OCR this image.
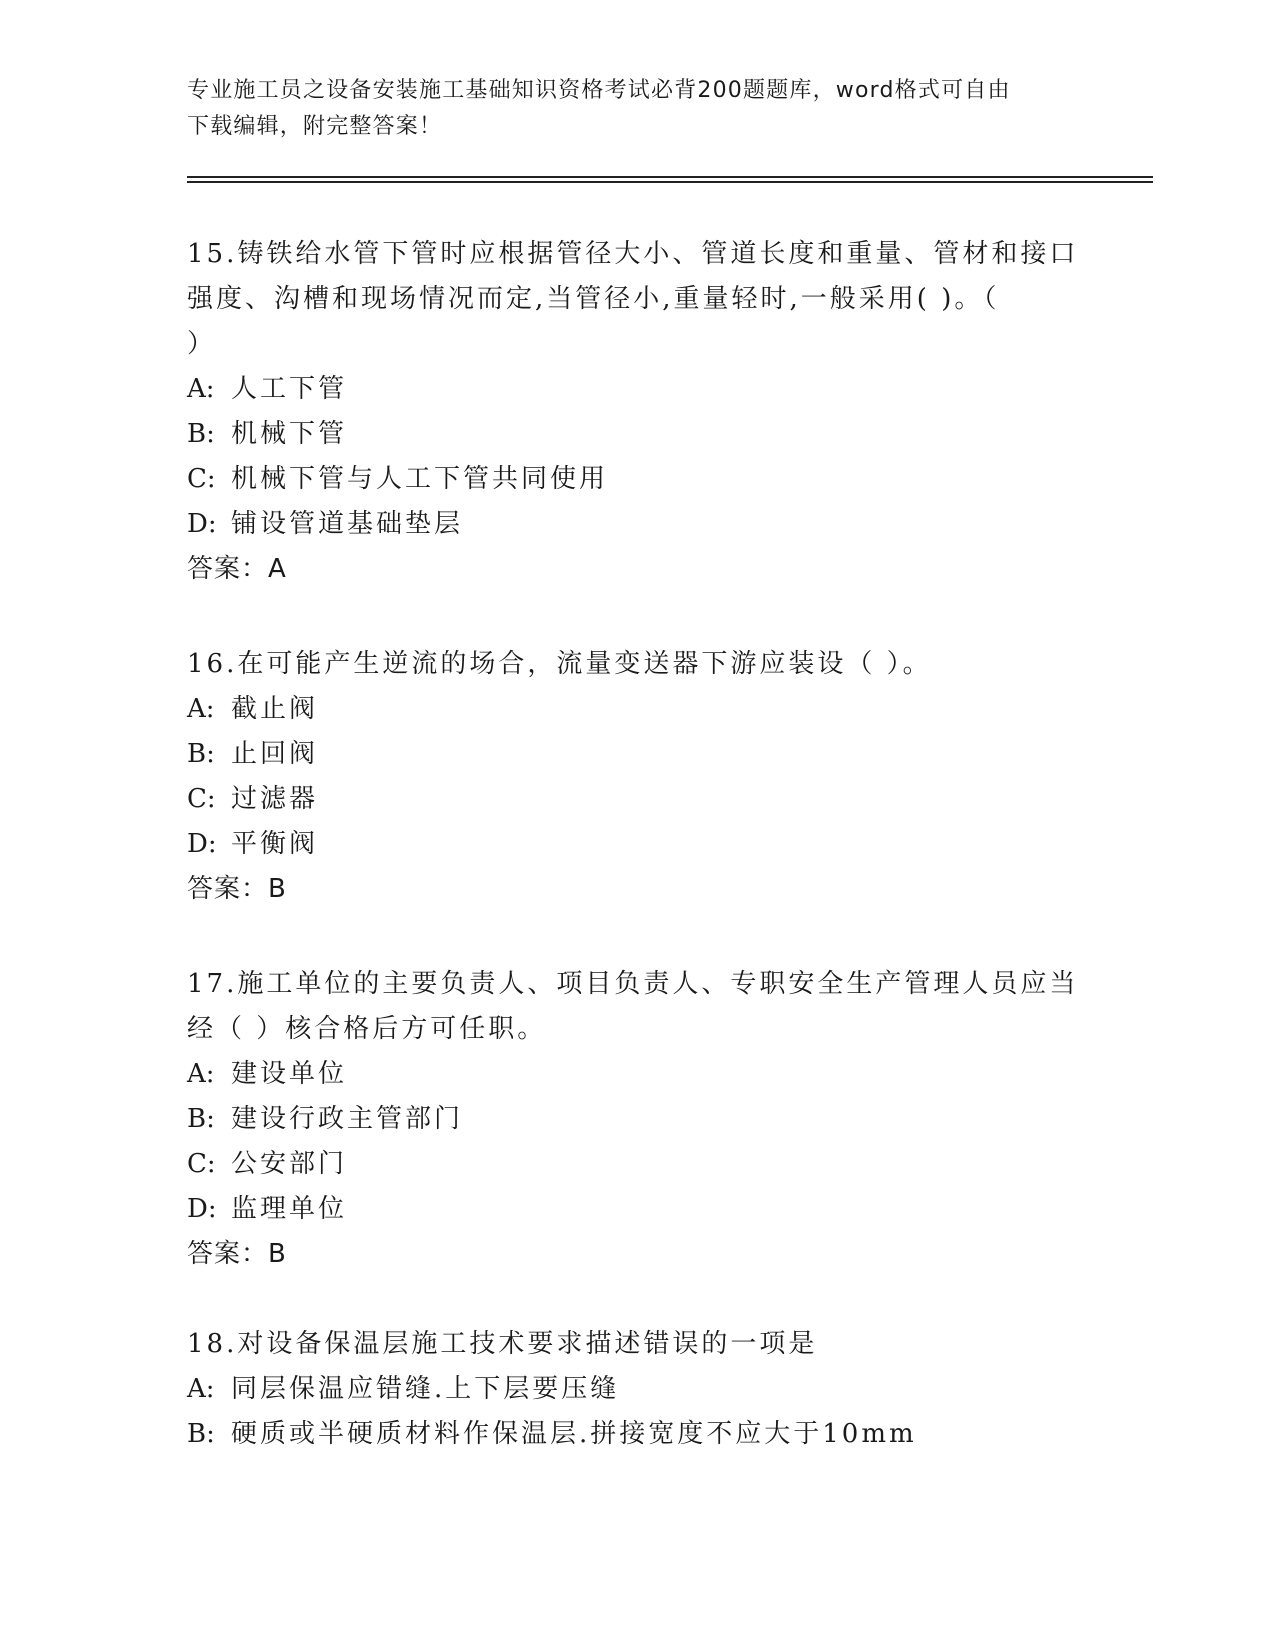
专业施工员之设备安装施工基础知识资格考试必背200题题库，word格式可自由
下载编辑，附完整答案！
15.铸铁给水管下管时应根据管径大小、管道长度和重量、管材和接口
强度、沟槽和现场情况而定,当管径小,重量轻时,一般采用( )。（
）
A: 人工下管
B: 机械下管
C: 机械下管与人工下管共同使用
D: 铺设管道基础垫层
答案：A
16.在可能产生逆流的场合，流量变送器下游应装设（ ）。
A: 截止阀
B: 止回阀
C: 过滤器
D: 平衡阀
答案：B
17.施工单位的主要负责人、项目负责人、专职安全生产管理人员应当
经（ ）核合格后方可任职。
A: 建设单位
B: 建设行政主管部门
C: 公安部门
D: 监理单位
答案：B
18.对设备保温层施工技术要求描述错误的一项是
A: 同层保温应错缝.上下层要压缝
B: 硬质或半硬质材料作保温层.拼接宽度不应大于10mm
